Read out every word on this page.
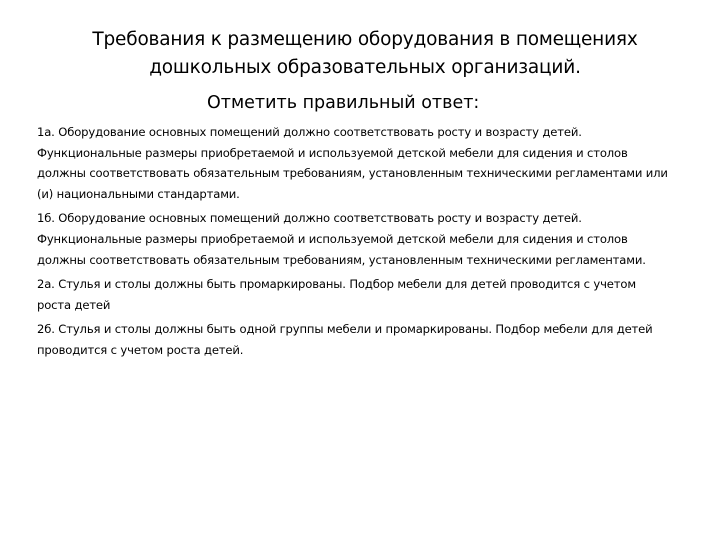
Требования к размещению оборудования в помещениях
дошкольных образовательных организаций.
Отметить правильный ответ:

1а. Оборудование основных помещений должно соответствовать росту и возрасту детей. Функциональные размеры приобретаемой и используемой детской мебели для сидения и столов должны соответствовать обязательным требованиям, установленным техническими регламентами или (и) национальными стандартами.

1б. Оборудование основных помещений должно соответствовать росту и возрасту детей. Функциональные размеры приобретаемой и используемой детской мебели для сидения и столов должны соответствовать обязательным требованиям, установленным техническими регламентами.

2а. Стулья и столы должны быть промаркированы. Подбор мебели для детей проводится с учетом роста детей

2б. Стулья и столы должны быть одной группы мебели и промаркированы. Подбор мебели для детей проводится с учетом роста детей.
